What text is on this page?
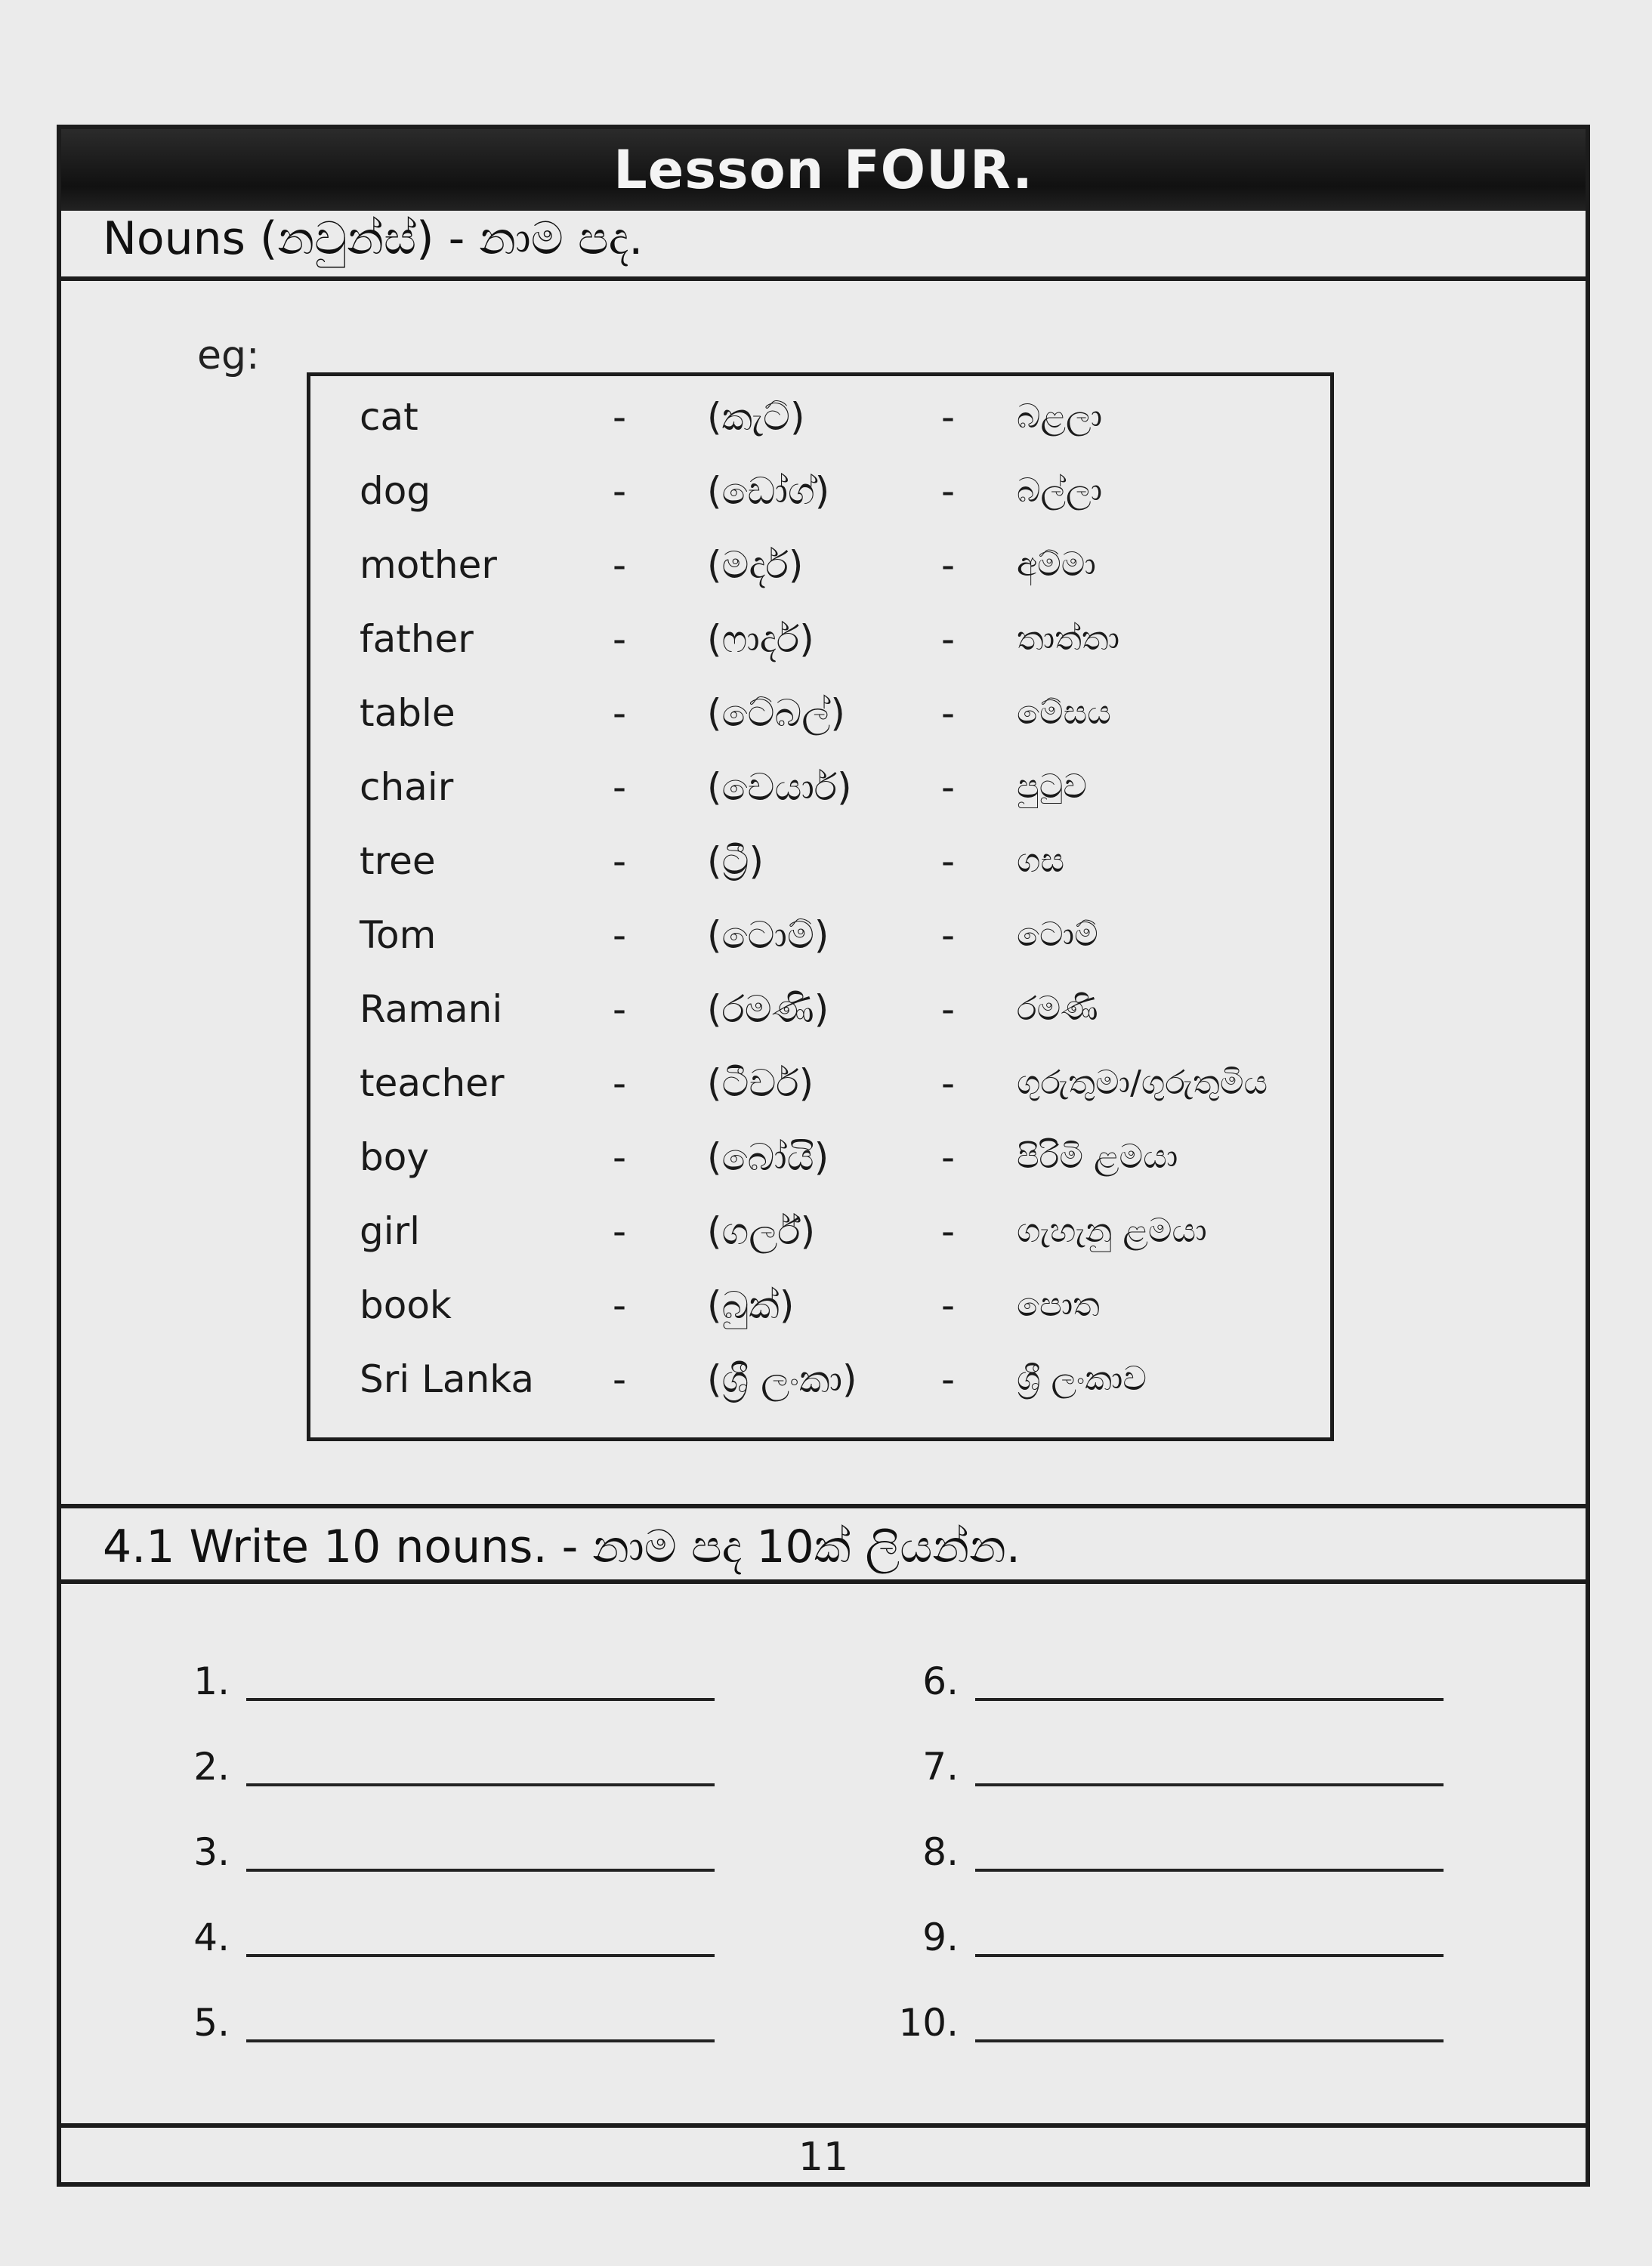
Lesson FOUR.
Nouns (නවුන්ස්) - නාම පද.
eg:
cat	- (කැට්)	- බළලා
dog	- (ඩෝග්)	- බල්ලා
mother	- (මදර්)	- අම්මා
father	- (ෆාදර්)	- තාත්තා
table	- (ටේබල්)	- මේසය
chair	- (චෙයාර්) - පුටුව
tree	- (ට්‍රී)	- ගස
Tom	- (ටොම්)	- ටොම්
Ramani	- (රමණි)	- රමණි
teacher	- (ටීචර්)	- ගුරුතුමා/ගුරුතුමිය
boy	- (බෝයි)	- පිරිමි ළමයා
girl	- (ගර්ල්)	- ගැහැනු ළමයා
book	- (බුක්)	- පොත
Sri Lanka - (ශ්‍රී ලංකා) - ශ්‍රී ලංකාව
4.1 Write 10 nouns. - නාම පද 10ක් ලියන්න.
1.
2.
3.
4.
5.
6.
7.
8.
9.
10.
11
